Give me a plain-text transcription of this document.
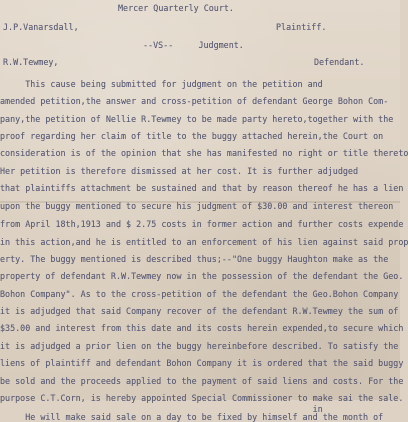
Mercer Quarterly Court.
J.P.Vanarsdall,	Plaintiff.
--VS--     Judgment.
R.W.Tewmey,	Defendant.
This cause being submitted for judgment on the petition and
amended petition,the answer and cross-petition of defendant George Bohon Com-
pany,the petition of Nellie R.Tewmey to be made party hereto,together with the
proof regarding her claim of title to the buggy attached herein,the Court on
consideration is of the opinion that she has manifested no right or title thereto
Her petition is therefore dismissed at her cost. It is further adjudged
that plaintiffs attachment be sustained and that by reason thereof he has a lien
upon the buggy mentioned to secure his judgment of $30.00 and interest thereon
from April 18th,1913 and $ 2.75 costs in former action and further costs expende
in this action,and he is entitled to an enforcement of his lien against said prop
erty. The buggy mentioned is described thus;--"One buggy Haughton make as the
property of defendant R.W.Tewmey now in the possession of the defendant the Geo.
Bohon Company". As to the cross-petition of the defendant the Geo.Bohon Company
it is adjudged that said Company recover of the defendant R.W.Tewmey the sum of
$35.00 and interest from this date and its costs herein expended,to secure which
it is adjudged a prior lien on the buggy hereinbefore described. To satisfy the
liens of plaintiff and defendant Bohon Company it is ordered that the said buggy
be sold and the proceeds applied to the payment of said liens and costs. For the
purpose C.T.Corn, is hereby appointed Special Commissioner to make sai the sale.
in
He will make said sale on a day to be fixed by himself and the month of
